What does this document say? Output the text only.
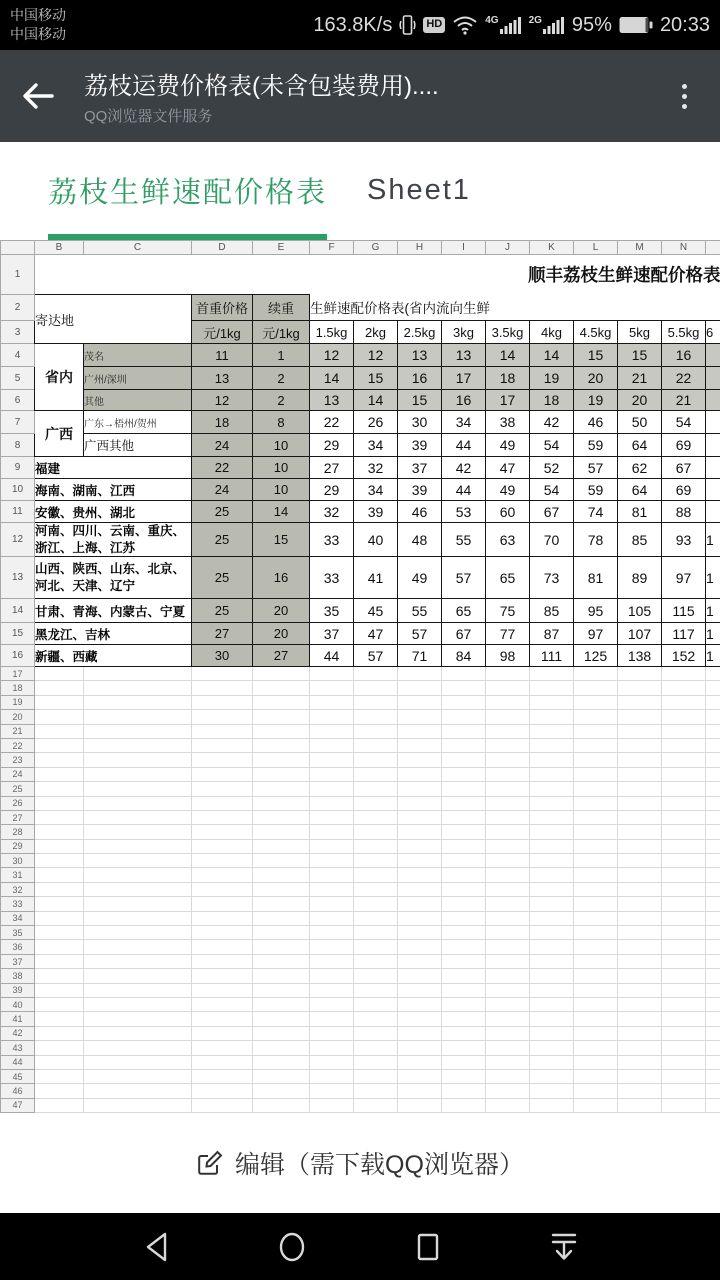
中国移动
中国移动	163.8K/s	HD	4G	2G 95% 20:33
荔枝运费价格表(未含包装费用)....
QQ浏览器文件服务
荔枝生鲜速配价格表 Sheet1
	B	C	D	E	F	G	H	I	J	K	L	M	N	
1	顺丰荔枝生鲜速配价格表													
2	寄达地		首重价格	续重	生鲜速配价格表(省内流向生鲜									
3			元/1kg	元/1kg	1.5kg	2kg	2.5kg	3kg	3.5kg	4kg	4.5kg	5kg	5.5kg	6
4	省内	茂名	11	1	12	12	13	13	14	14	15	15	16	
5		广州/深圳	13	2	14	15	16	17	18	19	20	21	22	
6		其他	12	2	13	14	15	16	17	18	19	20	21	
7	广西	广东→梧州/贺州	18	8	22	26	30	34	38	42	46	50	54	
8		广西其他	24	10	29	34	39	44	49	54	59	64	69	
9	福建		22	10	27	32	37	42	47	52	57	62	67	
10	海南、湖南、江西		24	10	29	34	39	44	49	54	59	64	69	
11	安徽、贵州、湖北		25	14	32	39	46	53	60	67	74	81	88	
12	河南、四川、云南、重庆、浙江、上海、江苏		25	15	33	40	48	55	63	70	78	85	93	1
13	山西、陕西、山东、北京、河北、天津、辽宁		25	16	33	41	49	57	65	73	81	89	97	1
14	甘肃、青海、内蒙古、宁夏		25	20	35	45	55	65	75	85	95	105	115	1
15	黑龙江、吉林		27	20	37	47	57	67	77	87	97	107	117	1
16	新疆、西藏		30	27	44	57	71	84	98	111	125	138	152	1
17														
18														
19														
20														
21														
22														
23														
24														
25														
26														
27														
28														
29														
30														
31														
32														
33														
34														
35														
36														
37														
38														
39														
40														
41														
42														
43														
44														
45														
46														
47														
编辑（需下载QQ浏览器）
